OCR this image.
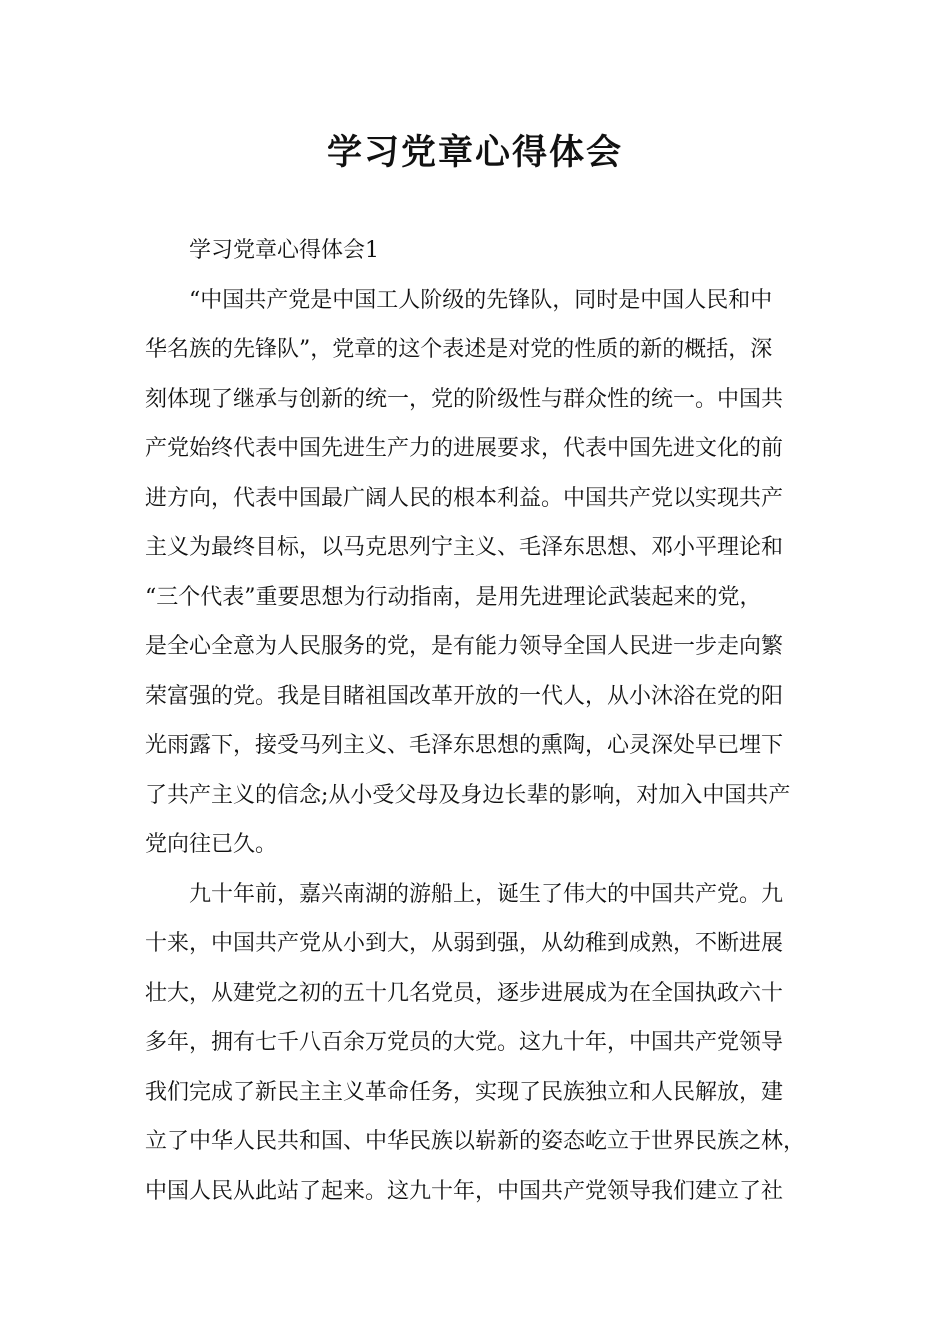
学习党章心得体会

学习党章心得体会1

“中国共产党是中国工人阶级的先锋队，同时是中国人民和中
华名族的先锋队”，党章的这个表述是对党的性质的新的概括，深
刻体现了继承与创新的统一，党的阶级性与群众性的统一。中国共
产党始终代表中国先进生产力的进展要求，代表中国先进文化的前
进方向，代表中国最广阔人民的根本利益。中国共产党以实现共产
主义为最终目标，以马克思列宁主义、毛泽东思想、邓小平理论和
“三个代表”重要思想为行动指南，是用先进理论武装起来的党，
是全心全意为人民服务的党，是有能力领导全国人民进一步走向繁
荣富强的党。我是目睹祖国改革开放的一代人，从小沐浴在党的阳
光雨露下，接受马列主义、毛泽东思想的熏陶，心灵深处早已埋下
了共产主义的信念;从小受父母及身边长辈的影响，对加入中国共产
党向往已久。

九十年前，嘉兴南湖的游船上，诞生了伟大的中国共产党。九
十来，中国共产党从小到大，从弱到强，从幼稚到成熟，不断进展
壮大，从建党之初的五十几名党员，逐步进展成为在全国执政六十
多年，拥有七千八百余万党员的大党。这九十年，中国共产党领导
我们完成了新民主主义革命任务，实现了民族独立和人民解放，建
立了中华人民共和国、中华民族以崭新的姿态屹立于世界民族之林，
中国人民从此站了起来。这九十年，中国共产党领导我们建立了社
